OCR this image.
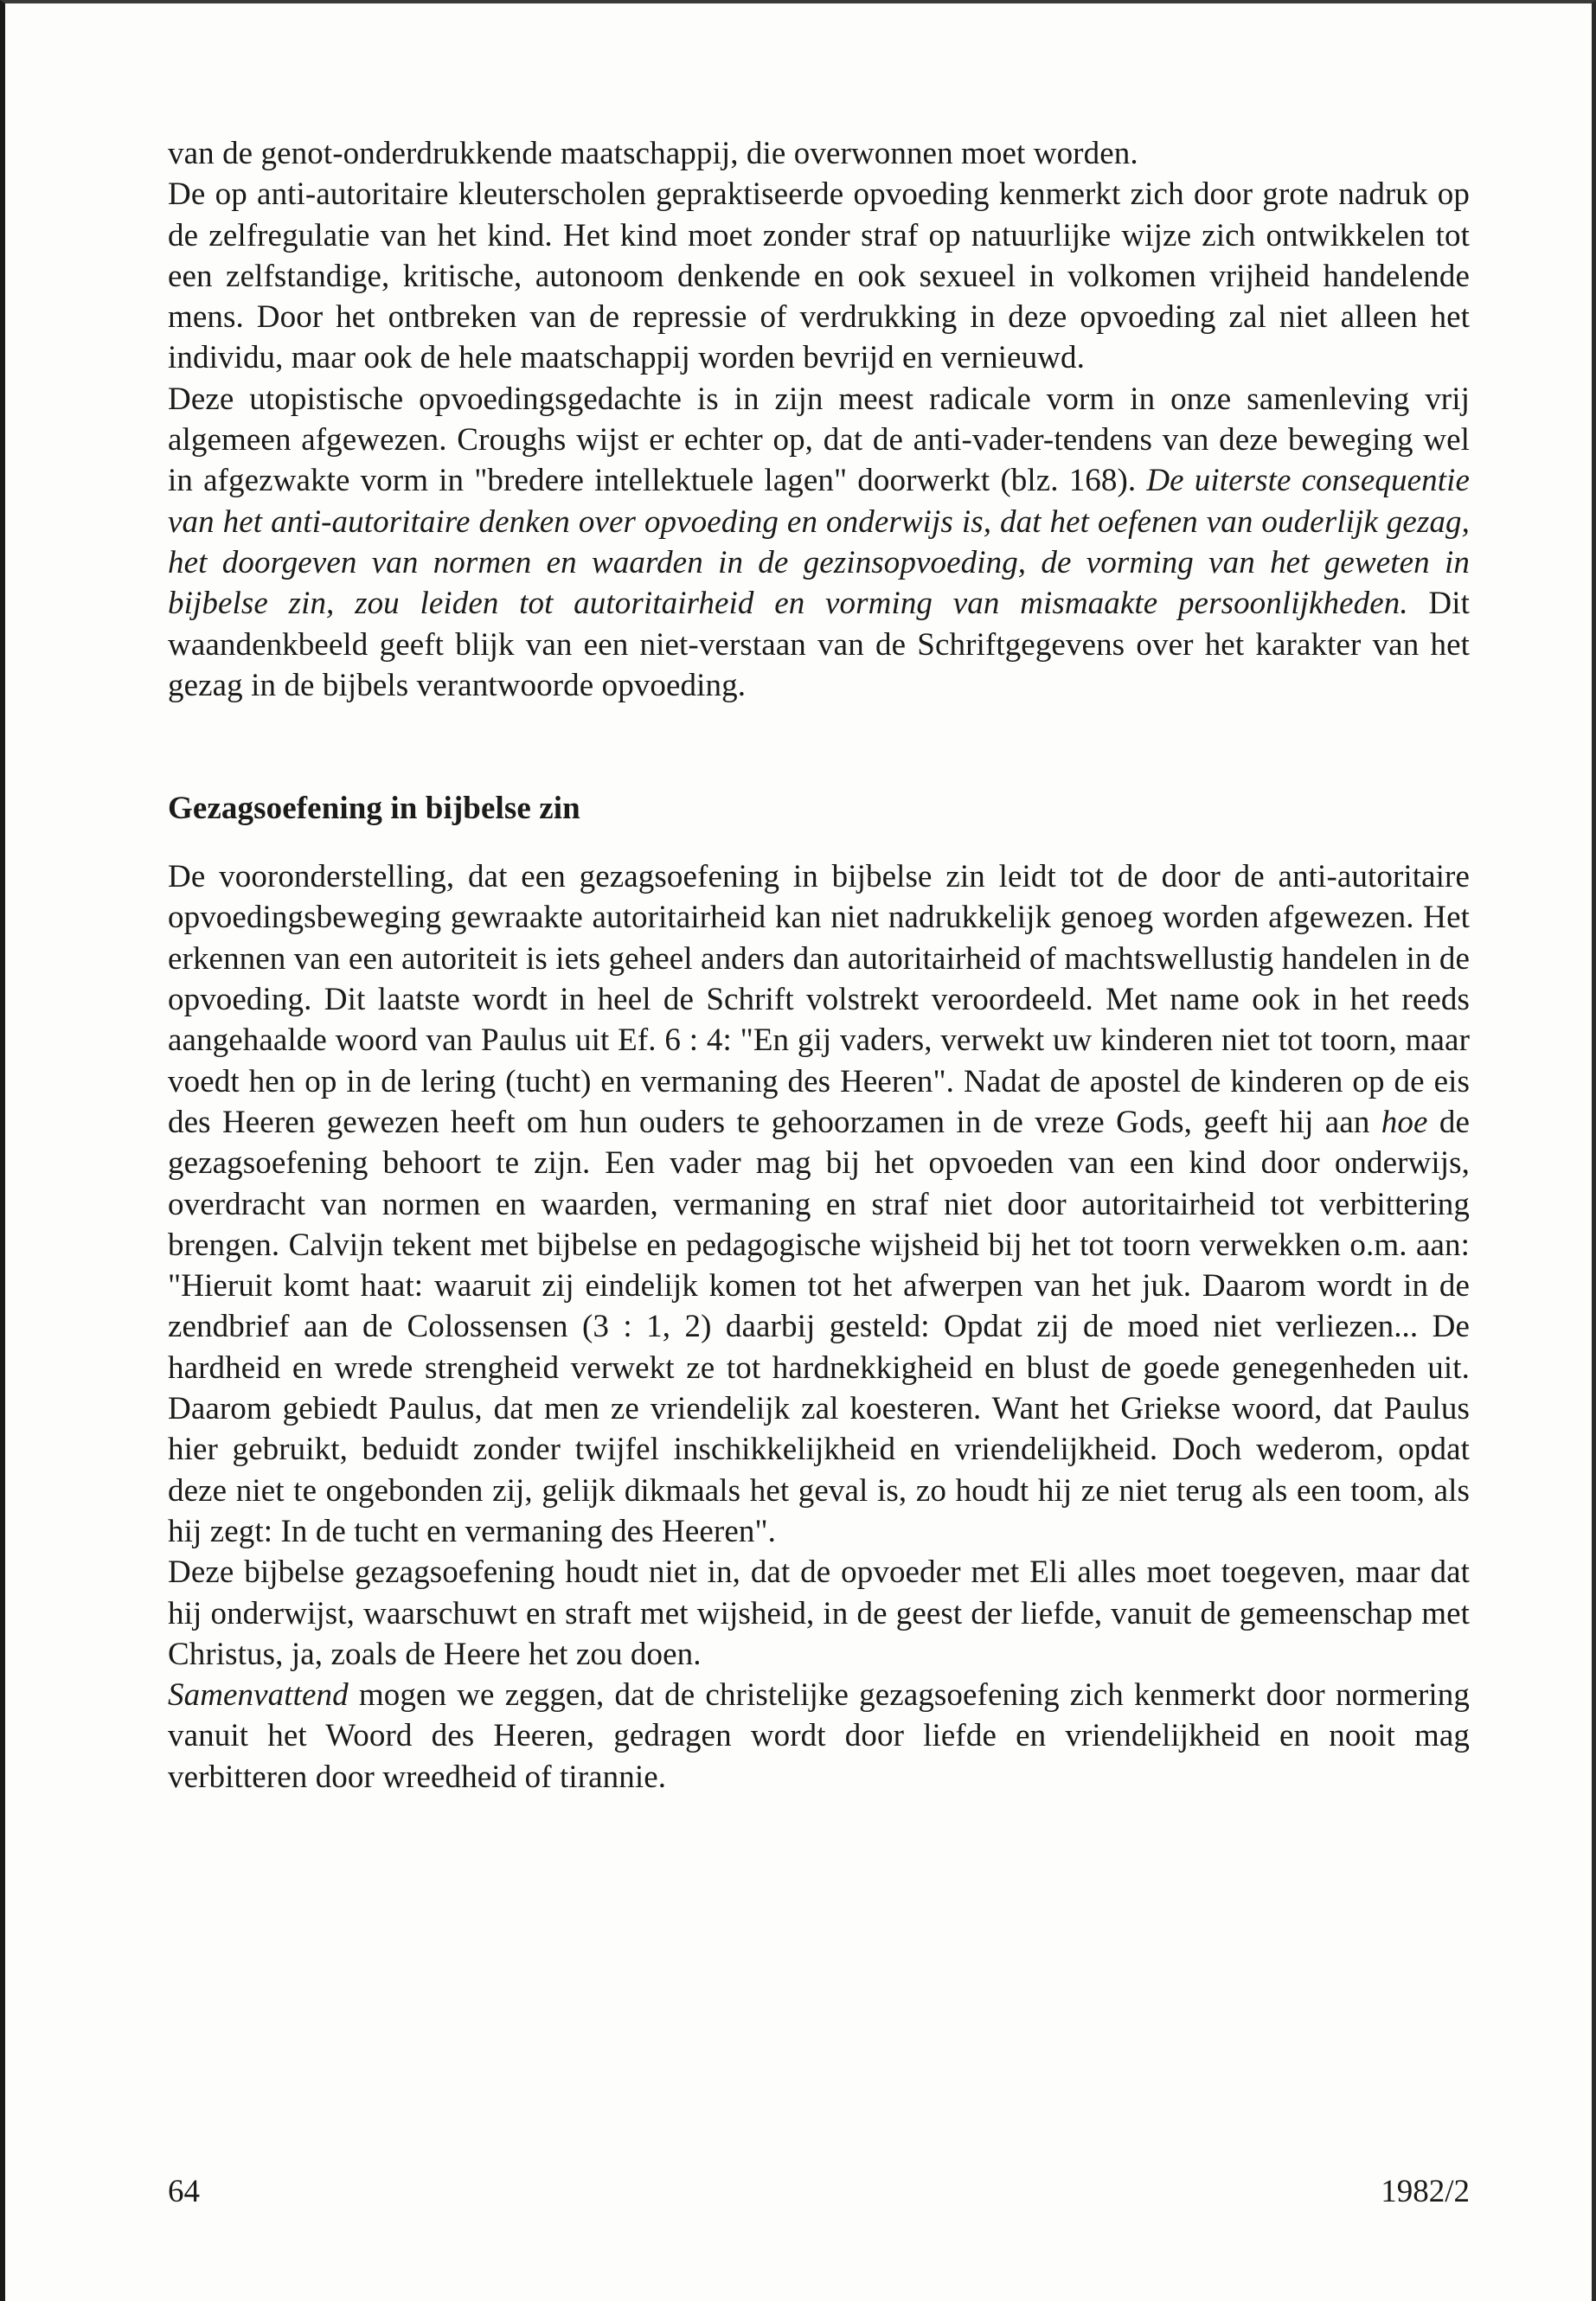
van de genot-onderdrukkende maatschappij, die overwonnen moet worden.

De op anti-autoritaire kleuterscholen gepraktiseerde opvoeding kenmerkt zich door grote nadruk op de zelfregulatie van het kind. Het kind moet zonder straf op natuurlijke wijze zich ontwikkelen tot een zelfstandige, kritische, autonoom denkende en ook sexueel in volkomen vrijheid handelende mens. Door het ontbreken van de repressie of verdrukking in deze opvoeding zal niet alleen het individu, maar ook de hele maatschappij worden bevrijd en vernieuwd.

Deze utopistische opvoedingsgedachte is in zijn meest radicale vorm in onze samenleving vrij algemeen afgewezen. Croughs wijst er echter op, dat de anti-vader-tendens van deze beweging wel in afgezwakte vorm in "bredere intellektuele lagen" doorwerkt (blz. 168). De uiterste consequentie van het anti-autoritaire denken over opvoeding en onderwijs is, dat het oefenen van ouderlijk gezag, het doorgeven van normen en waarden in de gezinsopvoeding, de vorming van het geweten in bijbelse zin, zou leiden tot autoritairheid en vorming van mismaakte persoonlijkheden. Dit waandenkbeeld geeft blijk van een niet-verstaan van de Schriftgegevens over het karakter van het gezag in de bijbels verantwoorde opvoeding.

Gezagsoefening in bijbelse zin

De vooronderstelling, dat een gezagsoefening in bijbelse zin leidt tot de door de anti-autoritaire opvoedingsbeweging gewraakte autoritairheid kan niet nadrukkelijk genoeg worden afgewezen. Het erkennen van een autoriteit is iets geheel anders dan autoritairheid of machtswellustig handelen in de opvoeding. Dit laatste wordt in heel de Schrift volstrekt veroordeeld. Met name ook in het reeds aangehaalde woord van Paulus uit Ef. 6 : 4: "En gij vaders, verwekt uw kinderen niet tot toorn, maar voedt hen op in de lering (tucht) en vermaning des Heeren". Nadat de apostel de kinderen op de eis des Heeren gewezen heeft om hun ouders te gehoorzamen in de vreze Gods, geeft hij aan hoe de gezagsoefening behoort te zijn. Een vader mag bij het opvoeden van een kind door onderwijs, overdracht van normen en waarden, vermaning en straf niet door autoritairheid tot verbittering brengen. Calvijn tekent met bijbelse en pedagogische wijsheid bij het tot toorn verwekken o.m. aan: "Hieruit komt haat: waaruit zij eindelijk komen tot het afwerpen van het juk. Daarom wordt in de zendbrief aan de Colossensen (3 : 1, 2) daarbij gesteld: Opdat zij de moed niet verliezen... De hardheid en wrede strengheid verwekt ze tot hardnekkigheid en blust de goede genegenheden uit. Daarom gebiedt Paulus, dat men ze vriendelijk zal koesteren. Want het Griekse woord, dat Paulus hier gebruikt, beduidt zonder twijfel inschikkelijkheid en vriendelijkheid. Doch wederom, opdat deze niet te ongebonden zij, gelijk dikmaals het geval is, zo houdt hij ze niet terug als een toom, als hij zegt: In de tucht en vermaning des Heeren".

Deze bijbelse gezagsoefening houdt niet in, dat de opvoeder met Eli alles moet toegeven, maar dat hij onderwijst, waarschuwt en straft met wijsheid, in de geest der liefde, vanuit de gemeenschap met Christus, ja, zoals de Heere het zou doen.

Samenvattend mogen we zeggen, dat de christelijke gezagsoefening zich kenmerkt door normering vanuit het Woord des Heeren, gedragen wordt door liefde en vriendelijkheid en nooit mag verbitteren door wreedheid of tirannie.

64	1982/2
